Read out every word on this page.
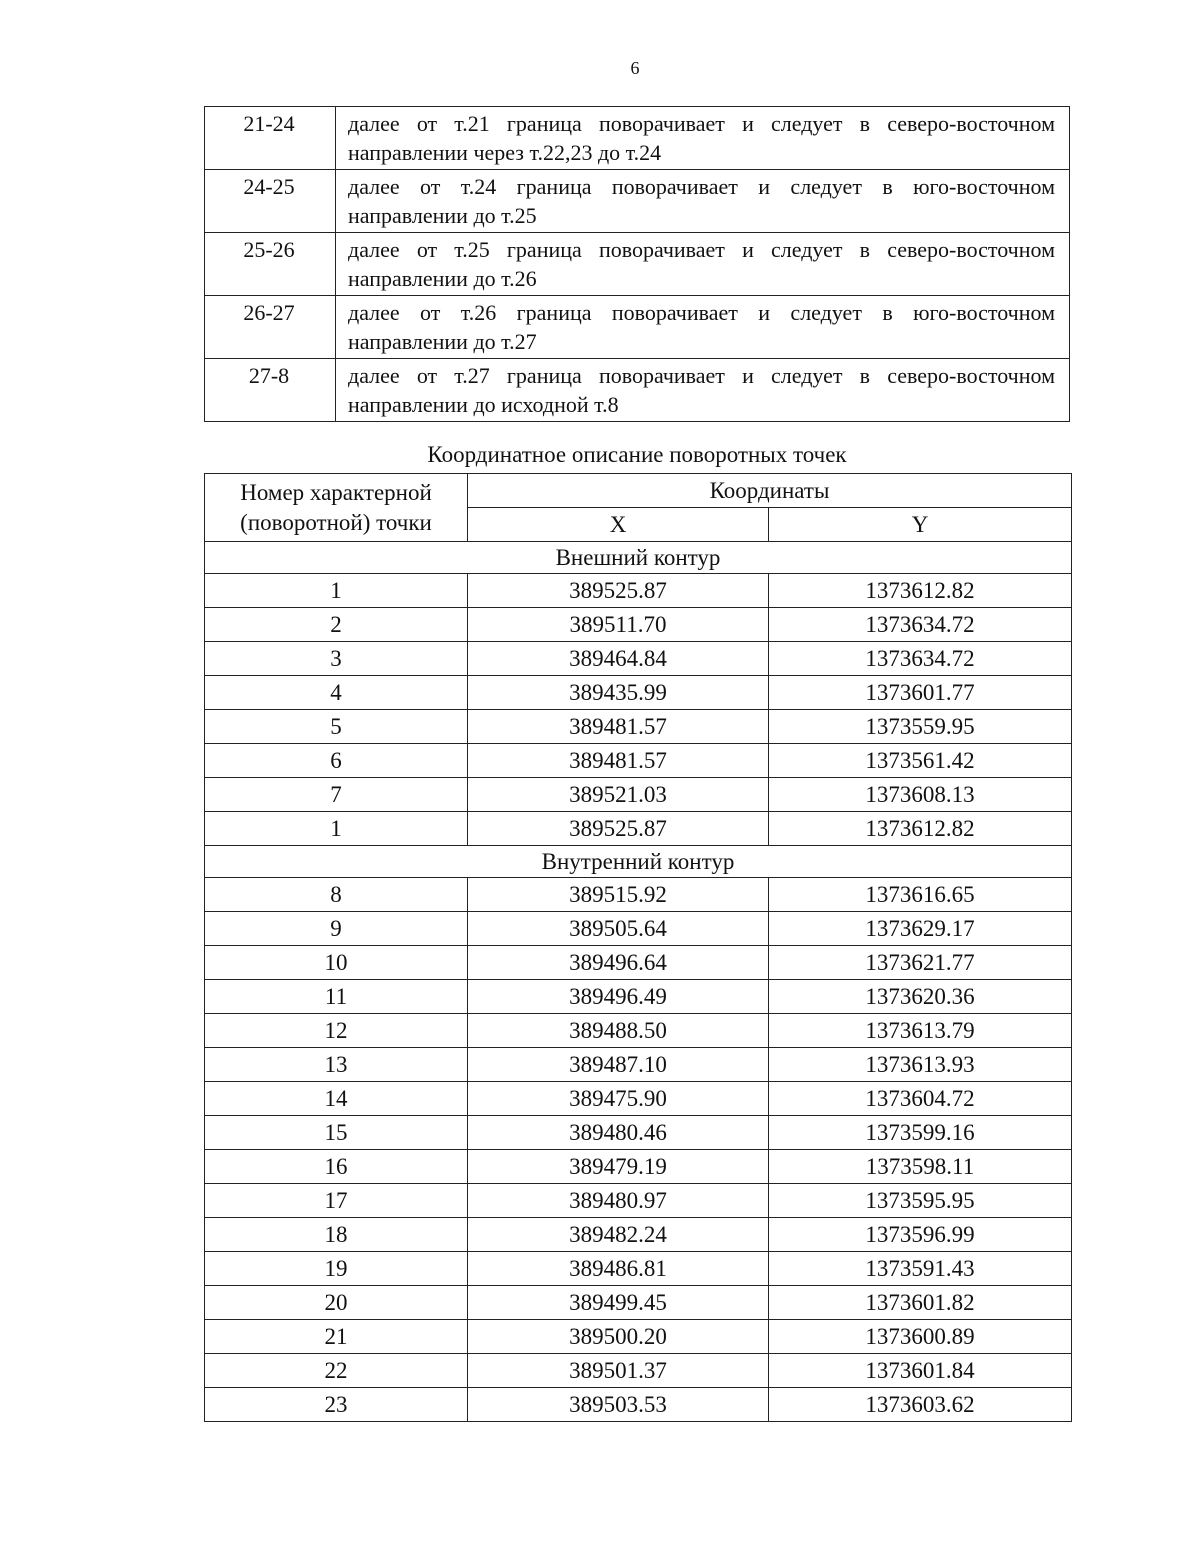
6
21-24	далее от т.21 граница поворачивает и следует в северо-восточном направлении через т.22,23 до т.24
24-25	далее от т.24 граница поворачивает и следует в юго-восточном направлении до т.25
25-26	далее от т.25 граница поворачивает и следует в северо-восточном направлении до т.26
26-27	далее от т.26 граница поворачивает и следует в юго-восточном направлении до т.27
27-8	далее от т.27 граница поворачивает и следует в северо-восточном направлении до исходной т.8
Координатное описание поворотных точек
Номер характерной (поворотной) точки	Координаты	
	X	Y
Внешний контур		
1	389525.87	1373612.82
2	389511.70	1373634.72
3	389464.84	1373634.72
4	389435.99	1373601.77
5	389481.57	1373559.95
6	389481.57	1373561.42
7	389521.03	1373608.13
1	389525.87	1373612.82
Внутренний контур		
8	389515.92	1373616.65
9	389505.64	1373629.17
10	389496.64	1373621.77
11	389496.49	1373620.36
12	389488.50	1373613.79
13	389487.10	1373613.93
14	389475.90	1373604.72
15	389480.46	1373599.16
16	389479.19	1373598.11
17	389480.97	1373595.95
18	389482.24	1373596.99
19	389486.81	1373591.43
20	389499.45	1373601.82
21	389500.20	1373600.89
22	389501.37	1373601.84
23	389503.53	1373603.62
